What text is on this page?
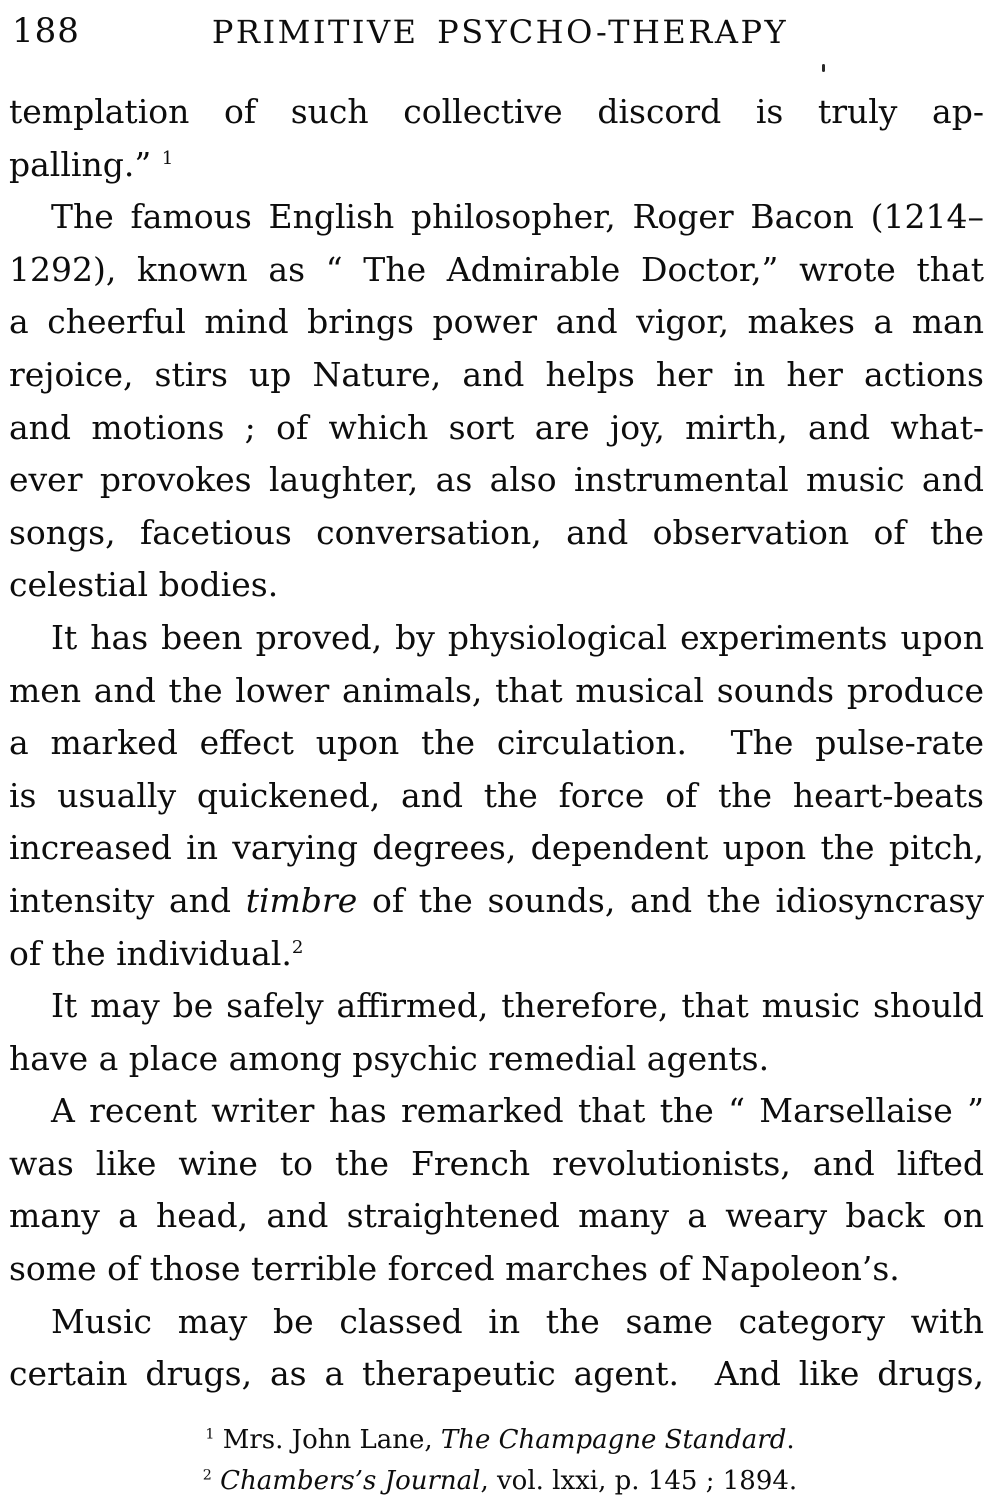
188	PRIMITIVE PSYCHO-THERAPY
templation of such collective discord is truly ap-
palling.” $^1$
The famous English philosopher, Roger Bacon (1214–
1292), known as “ The Admirable Doctor,” wrote that
a cheerful mind brings power and vigor, makes a man
rejoice, stirs up Nature, and helps her in her actions
and motions ; of which sort are joy, mirth, and what-
ever provokes laughter, as also instrumental music and
songs, facetious conversation, and observation of the
celestial bodies.
It has been proved, by physiological experiments upon
men and the lower animals, that musical sounds produce
a marked effect upon the circulation.  The pulse-rate
is usually quickened, and the force of the heart-beats
increased in varying degrees, dependent upon the pitch,
intensity and timbre of the sounds, and the idiosyncrasy
of the individual.$^2$
It may be safely affirmed, therefore, that music should
have a place among psychic remedial agents.
A recent writer has remarked that the “ Marsellaise ”
was like wine to the French revolutionists, and lifted
many a head, and straightened many a weary back on
some of those terrible forced marches of Napoleon’s.
Music may be classed in the same category with
certain drugs, as a therapeutic agent.  And like drugs,
$^1$ Mrs. John Lane, The Champagne Standard.
$^2$ Chambers’s Journal, vol. lxxi, p. 145 ; 1894.
